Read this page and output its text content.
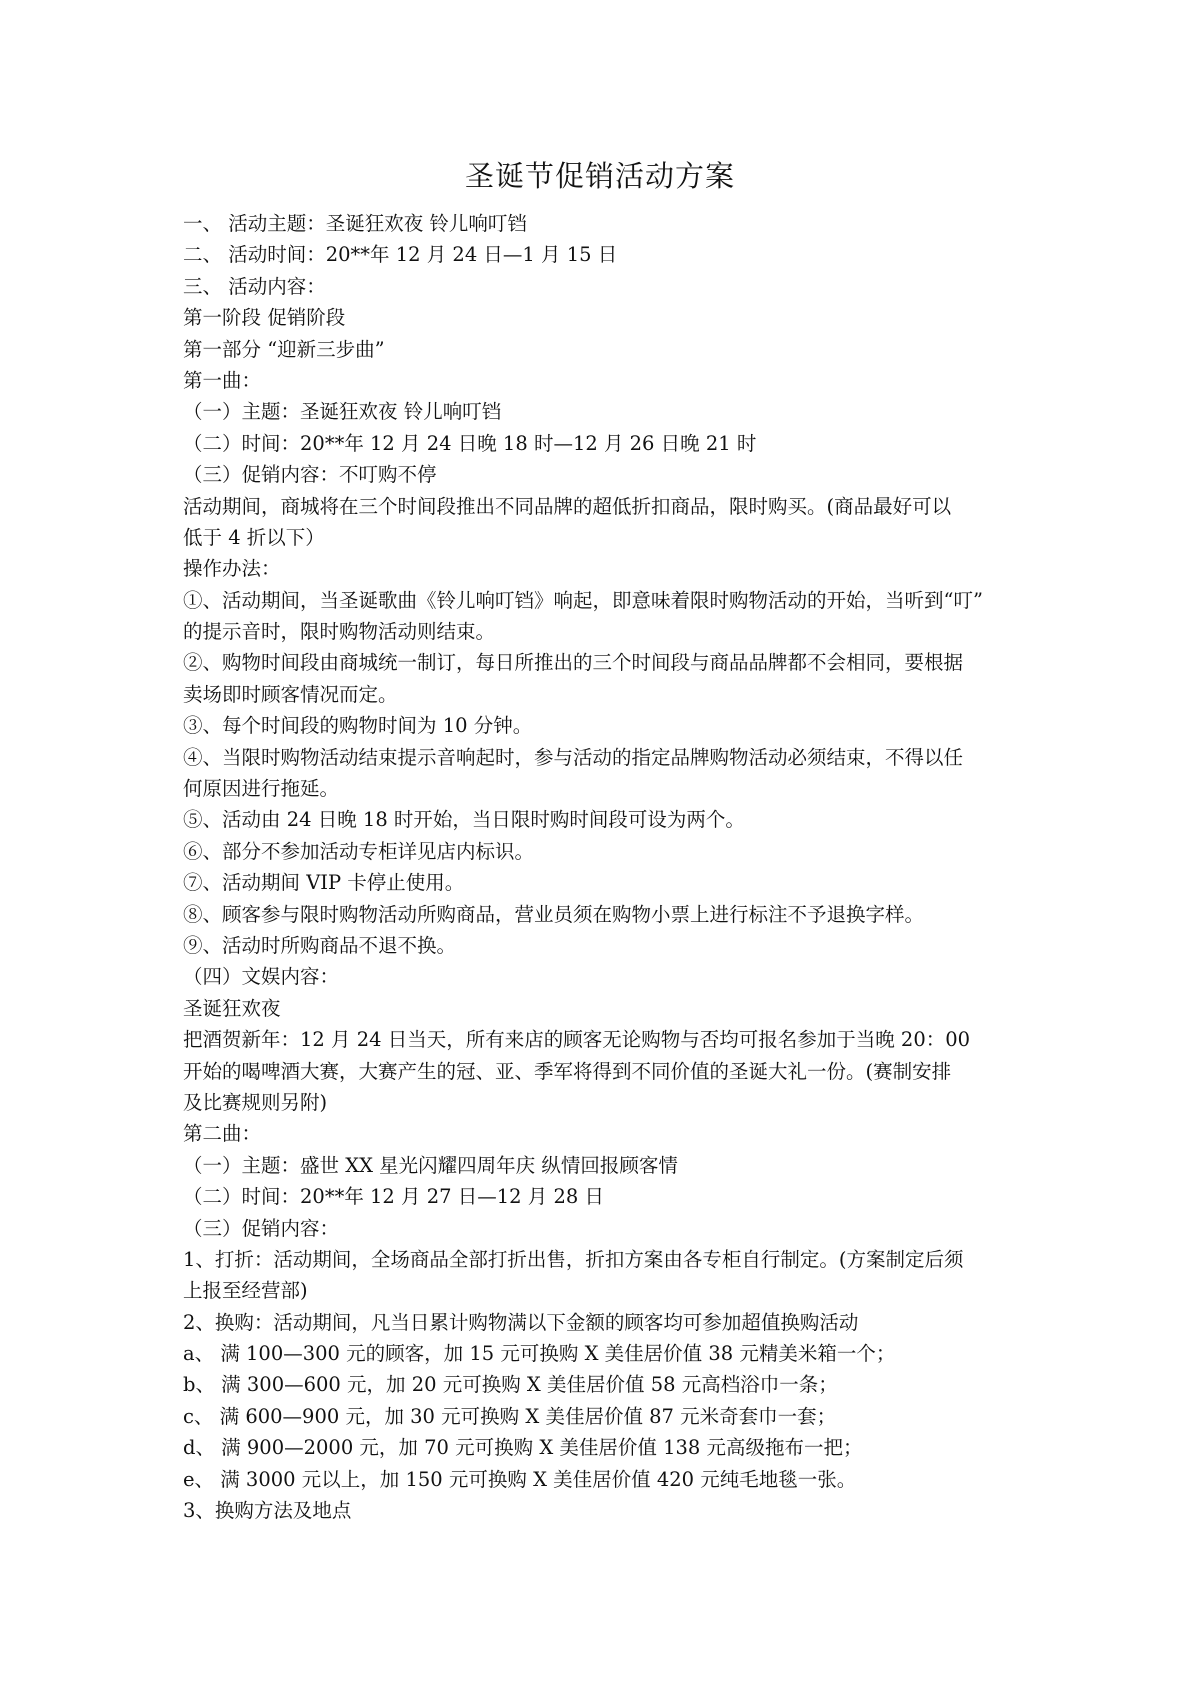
圣诞节促销活动方案
一、 活动主题：圣诞狂欢夜 铃儿响叮铛
二、 活动时间：20**年 12 月 24 日—1 月 15 日
三、 活动内容：
第一阶段 促销阶段
第一部分 “迎新三步曲”
第一曲：
（一）主题：圣诞狂欢夜 铃儿响叮铛
（二）时间：20**年 12 月 24 日晚 18 时—12 月 26 日晚 21 时
（三）促销内容：不叮购不停
活动期间，商城将在三个时间段推出不同品牌的超低折扣商品，限时购买。(商品最好可以
低于 4 折以下）
操作办法：
①、活动期间，当圣诞歌曲《铃儿响叮铛》响起，即意味着限时购物活动的开始，当听到“叮”
的提示音时，限时购物活动则结束。
②、购物时间段由商城统一制订，每日所推出的三个时间段与商品品牌都不会相同，要根据
卖场即时顾客情况而定。
③、每个时间段的购物时间为 10 分钟。
④、当限时购物活动结束提示音响起时，参与活动的指定品牌购物活动必须结束，不得以任
何原因进行拖延。
⑤、活动由 24 日晚 18 时开始，当日限时购时间段可设为两个。
⑥、部分不参加活动专柜详见店内标识。
⑦、活动期间 VIP 卡停止使用。
⑧、顾客参与限时购物活动所购商品，营业员须在购物小票上进行标注不予退换字样。
⑨、活动时所购商品不退不换。
（四）文娱内容：
圣诞狂欢夜
把酒贺新年：12 月 24 日当天，所有来店的顾客无论购物与否均可报名参加于当晚 20：00
开始的喝啤酒大赛，大赛产生的冠、亚、季军将得到不同价值的圣诞大礼一份。(赛制安排
及比赛规则另附)
第二曲：
（一）主题：盛世 XX 星光闪耀四周年庆 纵情回报顾客情
（二）时间：20**年 12 月 27 日—12 月 28 日
（三）促销内容：
1、打折：活动期间，全场商品全部打折出售，折扣方案由各专柜自行制定。(方案制定后须
上报至经营部)
2、换购：活动期间，凡当日累计购物满以下金额的顾客均可参加超值换购活动
a、 满 100—300 元的顾客，加 15 元可换购 X 美佳居价值 38 元精美米箱一个；
b、 满 300—600 元，加 20 元可换购 X 美佳居价值 58 元高档浴巾一条；
c、 满 600—900 元，加 30 元可换购 X 美佳居价值 87 元米奇套巾一套；
d、 满 900—2000 元，加 70 元可换购 X 美佳居价值 138 元高级拖布一把；
e、 满 3000 元以上，加 150 元可换购 X 美佳居价值 420 元纯毛地毯一张。
3、换购方法及地点
